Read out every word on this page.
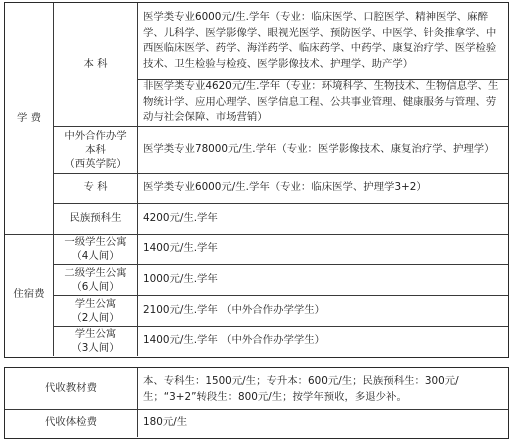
学 费
住宿费
本 科
中外合作办学
本科
（西英学院）
专 科
民族预科生
医学类专业6000元/生.学年（专业：临床医学、口腔医学、精神医学、麻醉学、儿科学、医学影像学、眼视光医学、预防医学、中医学、针灸推拿学、中西医临床医学、药学、海洋药学、临床药学、中药学、康复治疗学、医学检验技术、卫生检验与检疫、医学影像技术、护理学、助产学）
非医学类专业4620元/生.学年（专业：环境科学、生物技术、生物信息学、生物统计学、应用心理学、医学信息工程、公共事业管理、健康服务与管理、劳动与社会保障、市场营销）
医学类专业78000元/生.学年（专业：医学影像技术、康复治疗学、护理学）
医学类专业6000元/生.学年（专业：临床医学、护理学3+2）
4200元/生.学年
一级学生公寓
（4人间）
二级学生公寓
（6人间）
学生公寓
（2人间）
学生公寓
（3人间）
1400元/生.学年
1000元/生.学年
2100元/生.学年 （中外合作办学学生）
1400元/生.学年 （中外合作办学学生）
代收教材费
本、专科生：1500元/生；专升本：600元/生；民族预科生：300元/生；“3+2”转段生：800元/生；按学年预收，多退少补。
代收体检费	180元/生
